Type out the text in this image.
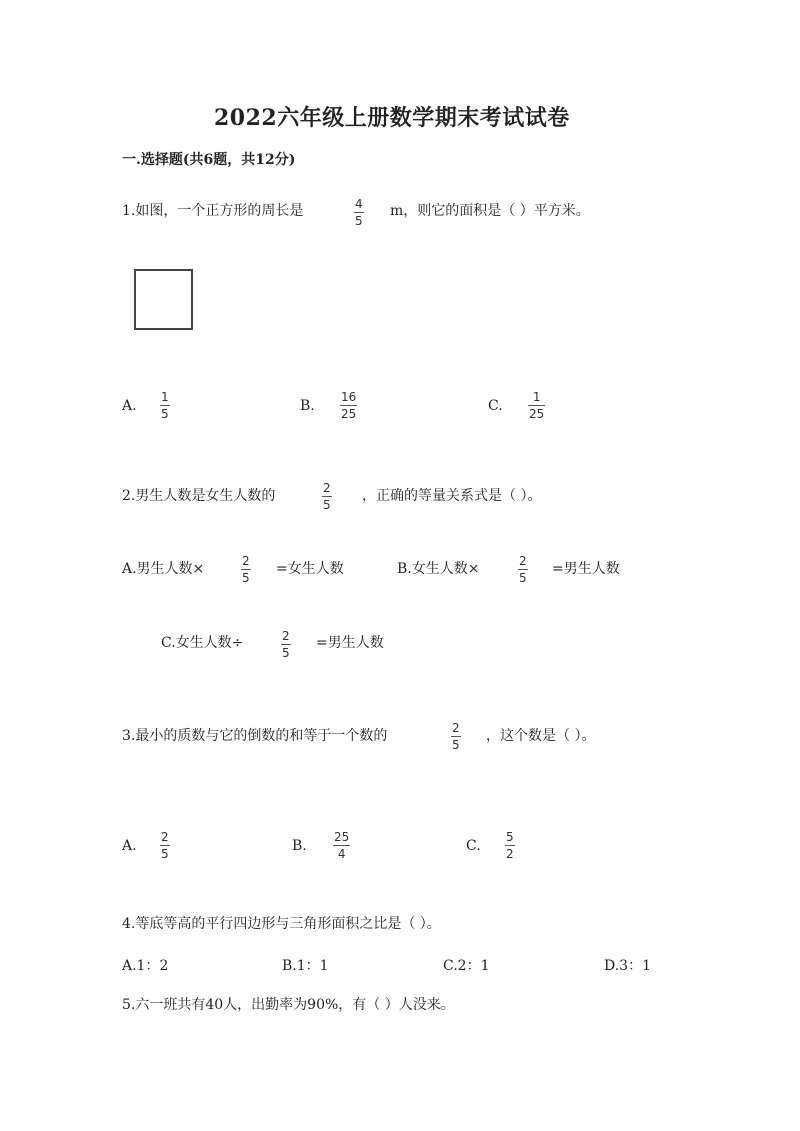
2022六年级上册数学期末考试试卷
一.选择题(共6题，共12分)
1.如图，一个正方形的周长是	4
5
m，则它的面积是（ ）平方米。
A.
1
5	B.
16
25	C.
1
25
2.男生人数是女生人数的	2
5
，正确的等量关系式是（ ）。
A.男生人数×	2
5
=女生人数	B.女生人数×	2
5
=男生人数
C.女生人数÷	2
5
=男生人数
3.最小的质数与它的倒数的和等于一个数的	2
5
，这个数是（ ）。
A.
2
5	B.
25
4	C.
5
2
4.等底等高的平行四边形与三角形面积之比是（ ）。
A.1：2	B.1：1	C.2：1	D.3：1
5.六一班共有40人，出勤率为90%，有（ ）人没来。
